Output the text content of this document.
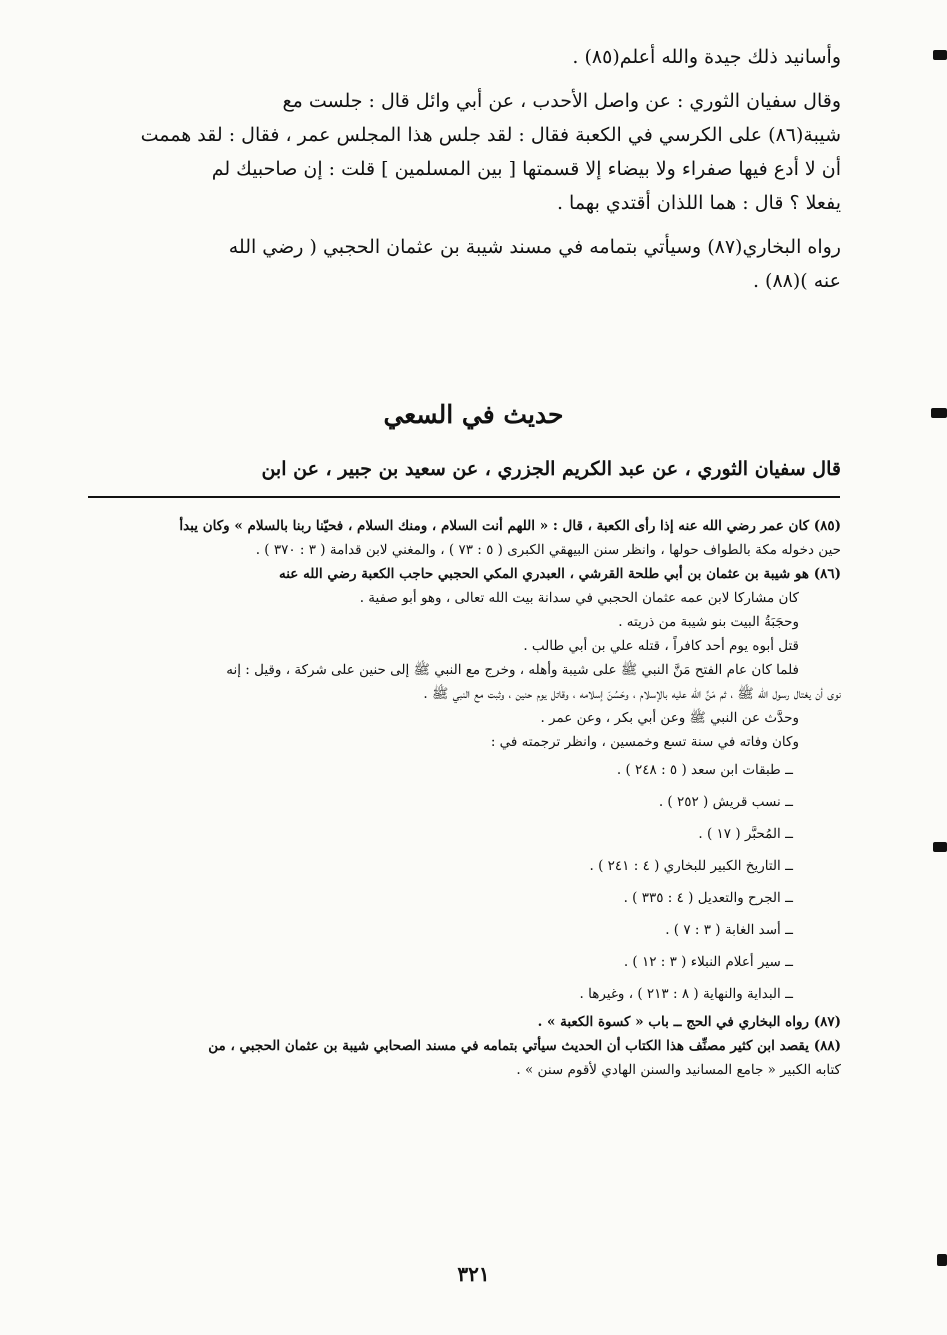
وأسانيد ذلك جيدة والله أعلم(٨٥) .
وقال سفيان الثوري : عن واصل الأحدب ، عن أبي وائل قال : جلست مع
شيبة(٨٦) على الكرسي في الكعبة فقال : لقد جلس هذا المجلس عمر ، فقال : لقد هممت
أن لا أدع فيها صفراء ولا بيضاء إلا قسمتها [ بين المسلمين ] قلت : إن صاحبيك لم
يفعلا ؟ قال : هما اللذان أقتدي بهما .
رواه البخاري(٨٧) وسيأتي بتمامه في مسند شيبة بن عثمان الحجبي ( رضي الله
عنه )(٨٨) .
حديث في السعي
قال سفيان الثوري ، عن عبد الكريم الجزري ، عن سعيد بن جبير ، عن ابن
(٨٥) كان عمر رضي الله عنه إذا رأى الكعبة ، قال : « اللهم أنت السلام ، ومنك السلام ، فحيّنا ربنا بالسلام » وكان يبدأ
حين دخوله مكة بالطواف حولها ، وانظر سنن البيهقي الكبرى ( ٥ : ٧٣ ) ، والمغني لابن قدامة ( ٣ : ٣٧٠ ) .
(٨٦) هو شيبة بن عثمان بن أبي طلحة القرشي ، العبدري المكي الحجبي حاجب الكعبة رضي الله عنه
كان مشاركا لابن عمه عثمان الحجبي في سدانة بيت الله تعالى ، وهو أبو صفية .
وحجَبَةُ البيت بنو شيبة من ذريته .
قتل أبوه يوم أحد كافراً ، قتله علي بن أبي طالب .
فلما كان عام الفتح مَنَّ النبي ﷺ على شيبة وأهله ، وخرج مع النبي ﷺ إلى حنين على شركة ، وقيل : إنه
نوى أن يغتال رسول الله ﷺ ، ثم مَنَّ الله عليه بالإسلام ، وحَسُنَ إسلامه ، وقاتل يوم حنين ، وثبت مع النبي ﷺ .
وحدَّث عن النبي ﷺ وعن أبي بكر ، وعن عمر .
وكان وفاته في سنة تسع وخمسين ، وانظر ترجمته في :
ــ طبقات ابن سعد ( ٥ : ٢٤٨ ) .
ــ نسب قريش ( ٢٥٢ ) .
ــ المُحبَّر ( ١٧ ) .
ــ التاريخ الكبير للبخاري ( ٤ : ٢٤١ ) .
ــ الجرح والتعديل ( ٤ : ٣٣٥ ) .
ــ أسد الغابة ( ٣ : ٧ ) .
ــ سير أعلام النبلاء ( ٣ : ١٢ ) .
ــ البداية والنهاية ( ٨ : ٢١٣ ) ، وغيرها .
(٨٧) رواه البخاري في الحج ــ باب « كسوة الكعبة » .
(٨٨) يقصد ابن كثير مصنِّف هذا الكتاب أن الحديث سيأتي بتمامه في مسند الصحابي شيبة بن عثمان الحجبي ، من
كتابه الكبير « جامع المسانيد والسنن الهادي لأقوم سنن » .
٣٢١
